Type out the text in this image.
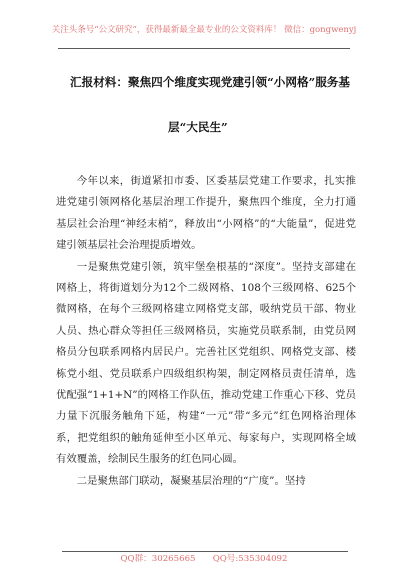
关注头条号“公文研究”，获得最新最全最专业的公文资料库！ 微信：gongwenyj
汇报材料：聚焦四个维度实现党建引领“小网格”服务基
层“大民生”

今年以来，街道紧扣市委、区委基层党建工作要求，扎实推进党建引领网格化基层治理工作提升，聚焦四个维度，全力打通基层社会治理“神经末梢”，释放出“小网格”的“大能量”，促进党建引领基层社会治理提质增效。

一是聚焦党建引领，筑牢堡垒根基的“深度”。坚持支部建在网格上，将街道划分为12个二级网格、108个三级网格、625个微网格，在每个三级网格建立网格党支部，吸纳党员干部、物业人员、热心群众等担任三级网格员，实施党员联系制，由党员网格员分包联系网格内居民户。完善社区党组织、网格党支部、楼栋党小组、党员联系户四级组织构架，制定网格员责任清单，选优配强“1+1+N”的网格工作队伍，推动党建工作重心下移、党员力量下沉服务触角下延，构建“一元”带“多元”红色网格治理体系，把党组织的触角延伸至小区单元、每家每户，实现网格全域有效覆盖，绘制民生服务的红色同心圆。

二是聚焦部门联动，凝聚基层治理的“广度”。坚持

QQ群：30265665　　QQ号:535304092
